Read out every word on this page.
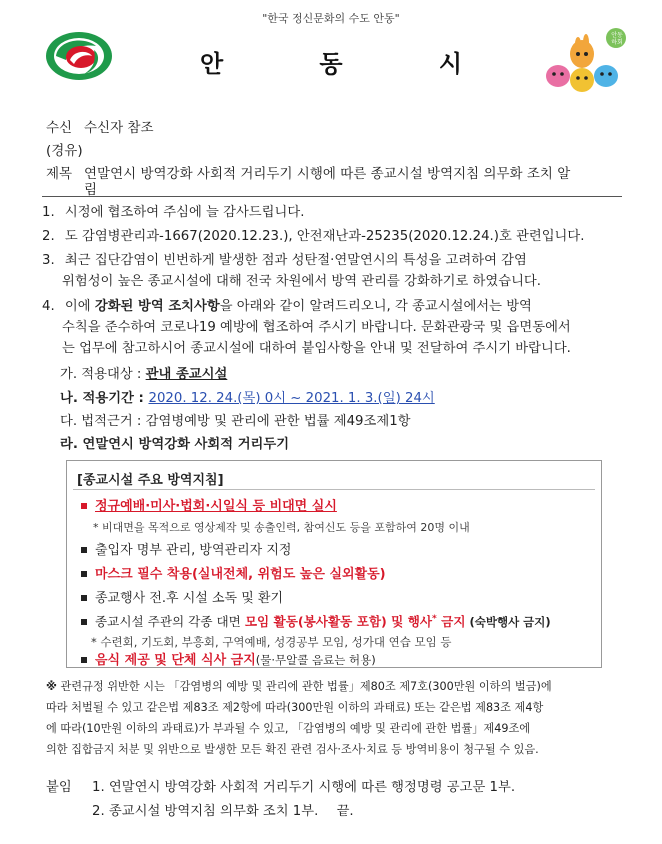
"한국 정신문화의 수도 안동"
안	동	시
안동 하회
수신 수신자 참조
(경유)
제목 연말연시 방역강화 사회적 거리두기 시행에 따른 종교시설 방역지침 의무화 조치 알
림
1. 시정에 협조하여 주심에 늘 감사드립니다.
2. 도 감염병관리과-1667(2020.12.23.), 안전재난과-25235(2020.12.24.)호 관련입니다.
3. 최근 집단감염이 빈번하게 발생한 점과 성탄절·연말연시의 특성을 고려하여 감염
위험성이 높은 종교시설에 대해 전국 차원에서 방역 관리를 강화하기로 하였습니다.
4. 이에 강화된 방역 조치사항을 아래와 같이 알려드리오니, 각 종교시설에서는 방역
수칙을 준수하여 코로나19 예방에 협조하여 주시기 바랍니다. 문화관광국 및 읍면동에서
는 업무에 참고하시어 종교시설에 대하여 붙임사항을 안내 및 전달하여 주시기 바랍니다.
가. 적용대상 : 관내 종교시설
나. 적용기간 : 2020. 12. 24.(목) 0시 ~ 2021. 1. 3.(일) 24시
다. 법적근거 : 감염병예방 및 관리에 관한 법률 제49조제1항
라. 연말연시 방역강화 사회적 거리두기
[종교시설 주요 방역지침]
정규예배·미사·법회·시일식 등 비대면 실시
* 비대면을 목적으로 영상제작 및 송출인력, 참여신도 등을 포함하여 20명 이내
출입자 명부 관리, 방역관리자 지정
마스크 필수 착용(실내전체, 위험도 높은 실외활동)
종교행사 전.후 시설 소독 및 환기
종교시설 주관의 각종 대면 모임 활동(봉사활동 포함) 및 행사* 금지 (숙박행사 금지)
* 수련회, 기도회, 부흥회, 구역예배, 성경공부 모임, 성가대 연습 모임 등
음식 제공 및 단체 식사 금지(물·무알콜 음료는 허용)
※ 관련규정 위반한 시는 「감염병의 예방 및 관리에 관한 법률」제80조 제7호(300만원 이하의 벌금)에
따라 처벌될 수 있고 같은법 제83조 제2항에 따라(300만원 이하의 과태료) 또는 같은법 제83조 제4항
에 따라(10만원 이하의 과태료)가 부과될 수 있고, 「감염병의 예방 및 관리에 관한 법률」제49조에
의한 집합금지 처분 및 위반으로 발생한 모든 확진 관련 검사·조사·치료 등 방역비용이 청구될 수 있음.
붙임 1. 연말연시 방역강화 사회적 거리두기 시행에 따른 행정명령 공고문 1부.
2. 종교시설 방역지침 의무화 조치 1부. 끝.
